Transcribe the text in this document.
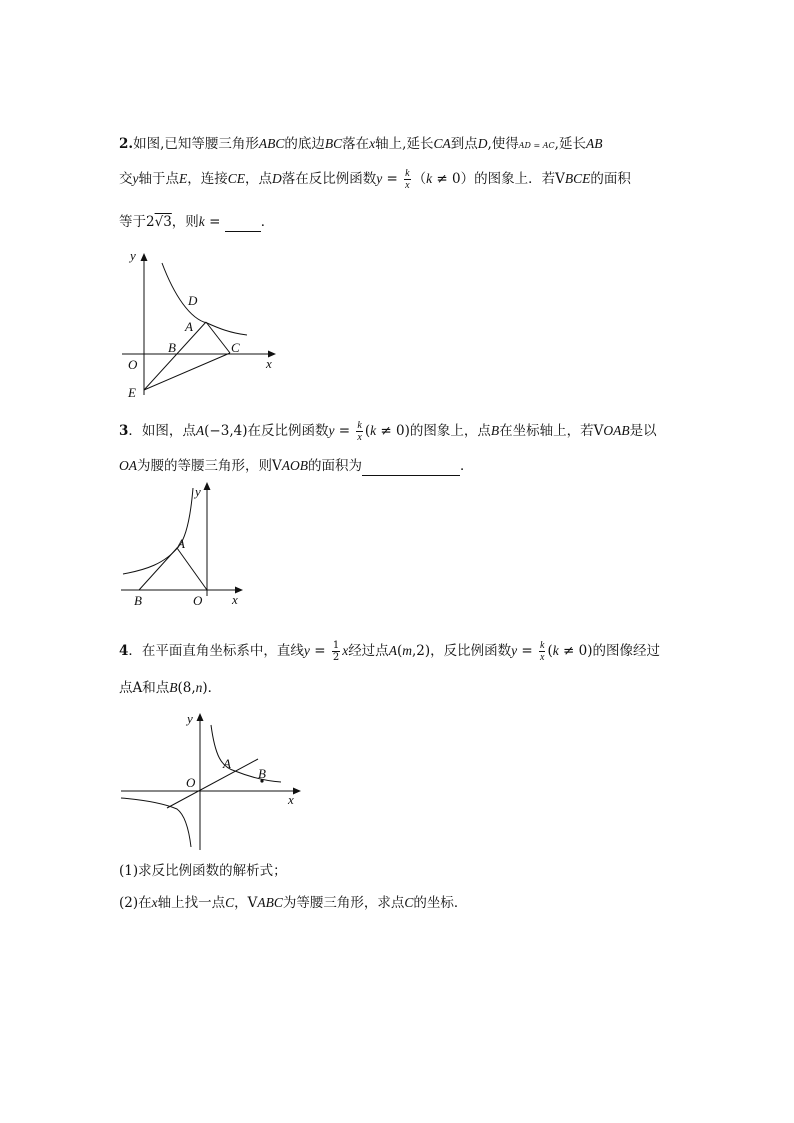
2.如图,已知等腰三角形ABC的底边BC落在x轴上,延长CA到点D,使得AD = AC,延长AB
交y轴于点E，连接CE，点D落在反比例函数$y = \frac{k}{x} (k \ne 0)$的图象上．若VBCE的面积
等于2√3，则k =	．
y
x
O
D
A
B	C
E
3．如图，点A(−3,4)在反比例函数$y = \frac{k}{x} (k \ne 0)$的图象上，点B在坐标轴上，若VOAB是以
OA为腰的等腰三角形，则VAOB的面积为	．
y
x
O
A
B
4．在平面直角坐标系中，直线$y = \frac{1}{2}$ x经过点A(m,2)，反比例函数$y = \frac{k}{x} (k \ne 0)$的图像经过
点A和点B(8,n)．
y
x
O
A
B
(1)求反比例函数的解析式；
(2)在x轴上找一点C，VABC为等腰三角形，求点C的坐标．
